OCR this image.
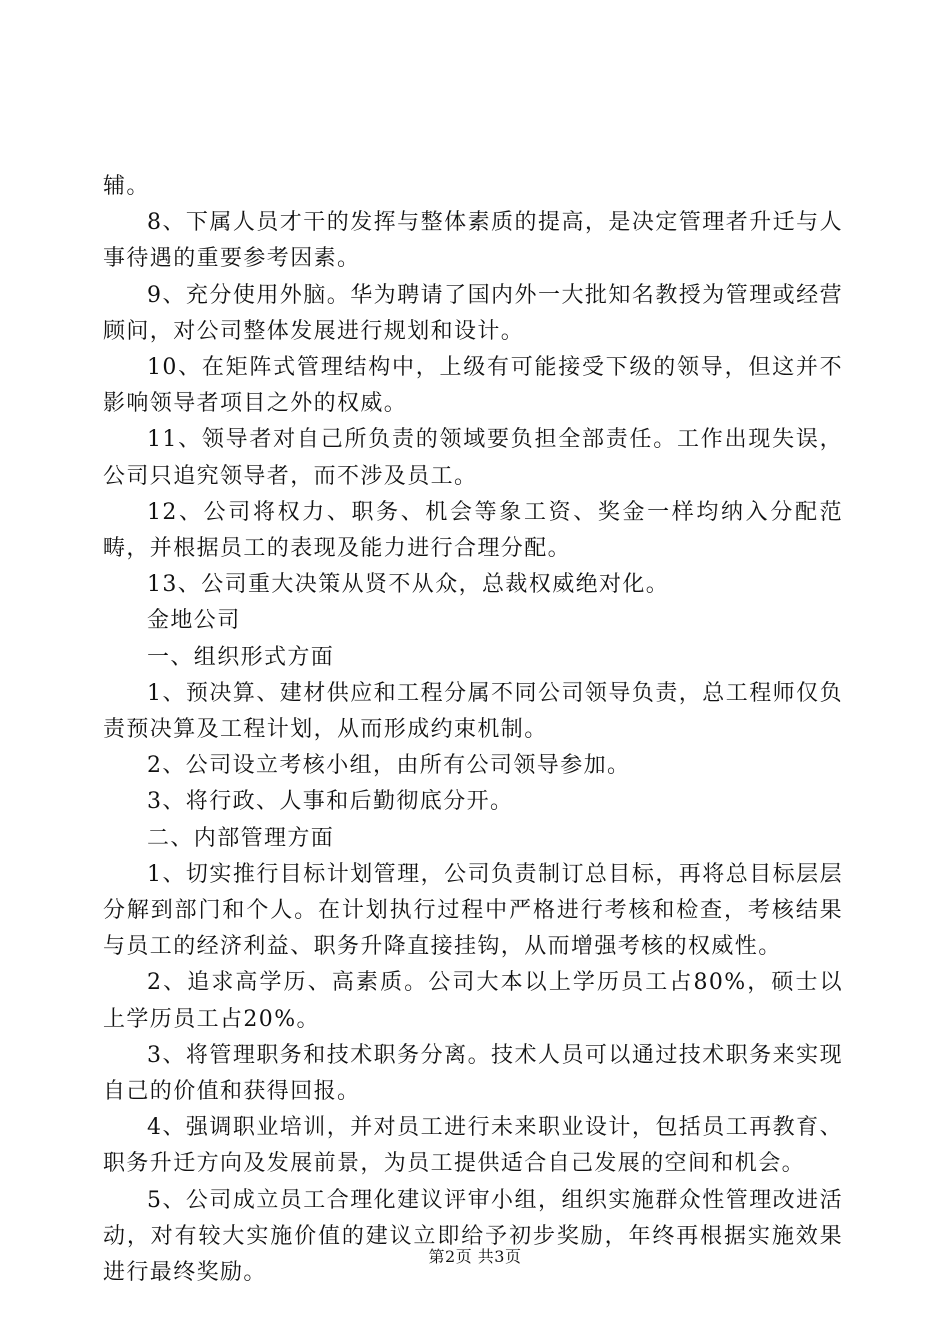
辅。

8、下属人员才干的发挥与整体素质的提高，是决定管理者升迁与人事待遇的重要参考因素。

9、充分使用外脑。华为聘请了国内外一大批知名教授为管理或经营顾问，对公司整体发展进行规划和设计。

10、在矩阵式管理结构中，上级有可能接受下级的领导，但这并不影响领导者项目之外的权威。

11、领导者对自己所负责的领域要负担全部责任。工作出现失误，公司只追究领导者，而不涉及员工。

12、公司将权力、职务、机会等象工资、奖金一样均纳入分配范畴，并根据员工的表现及能力进行合理分配。

13、公司重大决策从贤不从众，总裁权威绝对化。

金地公司

一、组织形式方面

1、预决算、建材供应和工程分属不同公司领导负责，总工程师仅负责预决算及工程计划，从而形成约束机制。

2、公司设立考核小组，由所有公司领导参加。

3、将行政、人事和后勤彻底分开。

二、内部管理方面

1、切实推行目标计划管理，公司负责制订总目标，再将总目标层层分解到部门和个人。在计划执行过程中严格进行考核和检查，考核结果与员工的经济利益、职务升降直接挂钩，从而增强考核的权威性。

2、追求高学历、高素质。公司大本以上学历员工占80%，硕士以上学历员工占20%。

3、将管理职务和技术职务分离。技术人员可以通过技术职务来实现自己的价值和获得回报。

4、强调职业培训，并对员工进行未来职业设计，包括员工再教育、职务升迁方向及发展前景，为员工提供适合自己发展的空间和机会。

5、公司成立员工合理化建议评审小组，组织实施群众性管理改进活动，对有较大实施价值的建议立即给予初步奖励，年终再根据实施效果进行最终奖励。

第2页 共3页
